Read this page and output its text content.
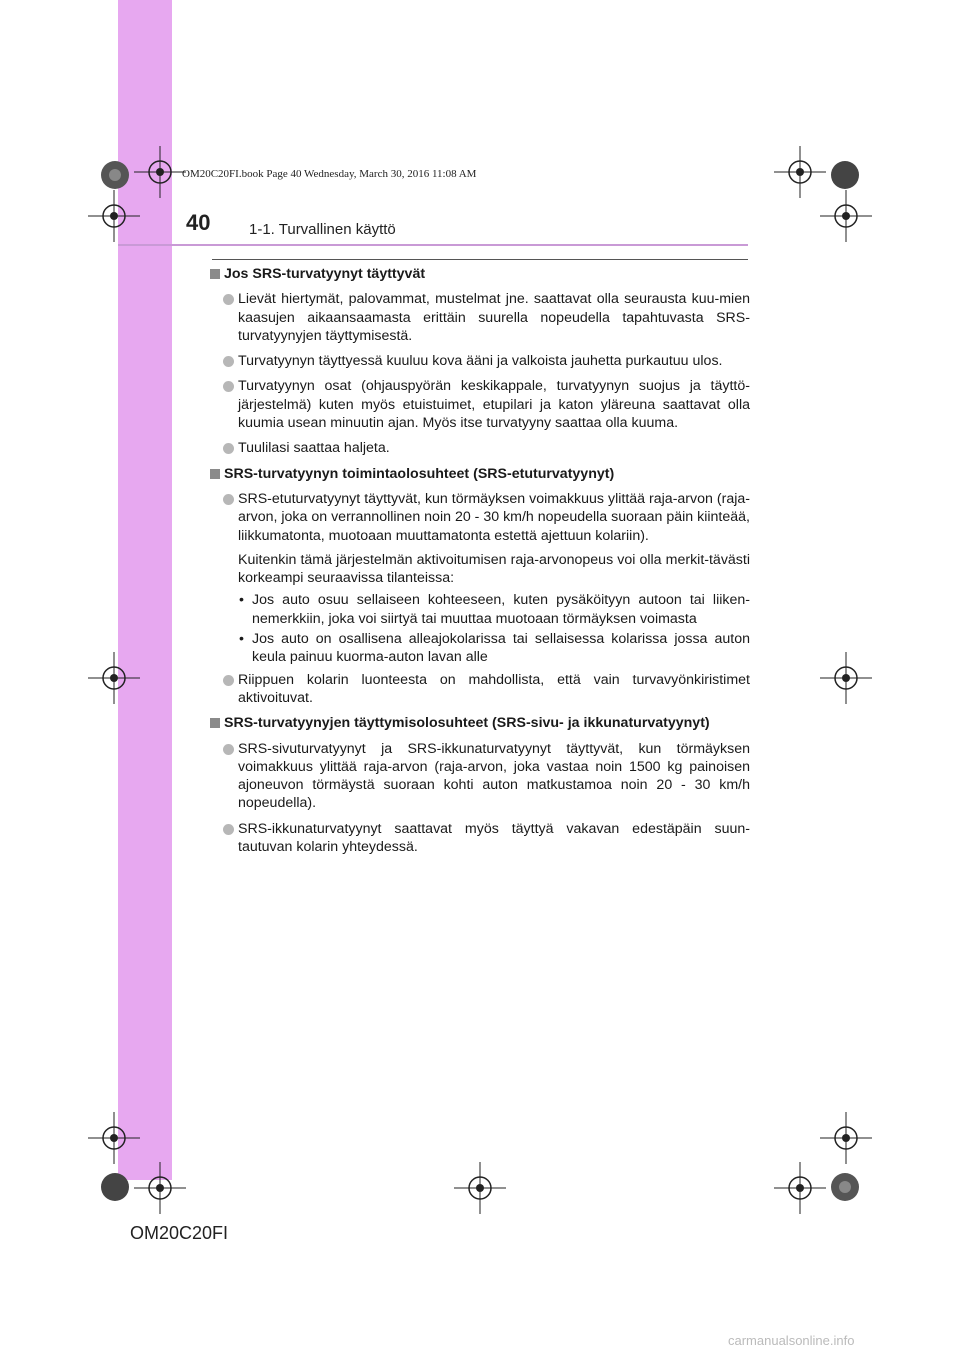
OM20C20FI.book Page 40 Wednesday, March 30, 2016 11:08 AM
40	1-1. Turvallinen käyttö
Jos SRS-turvatyynyt täyttyvät
Lievät hiertymät, palovammat, mustelmat jne. saattavat olla seurausta kuu-mien kaasujen aikaansaamasta erittäin suurella nopeudella tapahtuvasta SRS-turvatyynyjen täyttymisestä.
Turvatyynyn täyttyessä kuuluu kova ääni ja valkoista jauhetta purkautuu ulos.
Turvatyynyn osat (ohjauspyörän keskikappale, turvatyynyn suojus ja täyttö-järjestelmä) kuten myös etuistuimet, etupilari ja katon yläreuna saattavat olla kuumia usean minuutin ajan. Myös itse turvatyyny saattaa olla kuuma.
Tuulilasi saattaa haljeta.
SRS-turvatyynyn toimintaolosuhteet (SRS-etuturvatyynyt)
SRS-etuturvatyynyt täyttyvät, kun törmäyksen voimakkuus ylittää raja-arvon (raja-arvon, joka on verrannollinen noin 20 - 30 km/h nopeudella suoraan päin kiinteää, liikkumatonta, muotoaan muuttamatonta estettä ajettuun kolariin).
Kuitenkin tämä järjestelmän aktivoitumisen raja-arvonopeus voi olla merkit-tävästi korkeampi seuraavissa tilanteissa:
• Jos auto osuu sellaiseen kohteeseen, kuten pysäköityyn autoon tai liiken-nemerkkiin, joka voi siirtyä tai muuttaa muotoaan törmäyksen voimasta
• Jos auto on osallisena alleajokolarissa tai sellaisessa kolarissa jossa auton keula painuu kuorma-auton lavan alle
Riippuen kolarin luonteesta on mahdollista, että vain turvavyönkiristimet aktivoituvat.
SRS-turvatyynyjen täyttymisolosuhteet (SRS-sivu- ja ikkunaturvatyynyt)
SRS-sivuturvatyynyt ja SRS-ikkunaturvatyynyt täyttyvät, kun törmäyksen voimakkuus ylittää raja-arvon (raja-arvon, joka vastaa noin 1500 kg painoisen ajoneuvon törmäystä suoraan kohti auton matkustamoa noin 20 - 30 km/h nopeudella).
SRS-ikkunaturvatyynyt saattavat myös täyttyä vakavan edestäpäin suun-tautuvan kolarin yhteydessä.
OM20C20FI
carmanualsonline.info
